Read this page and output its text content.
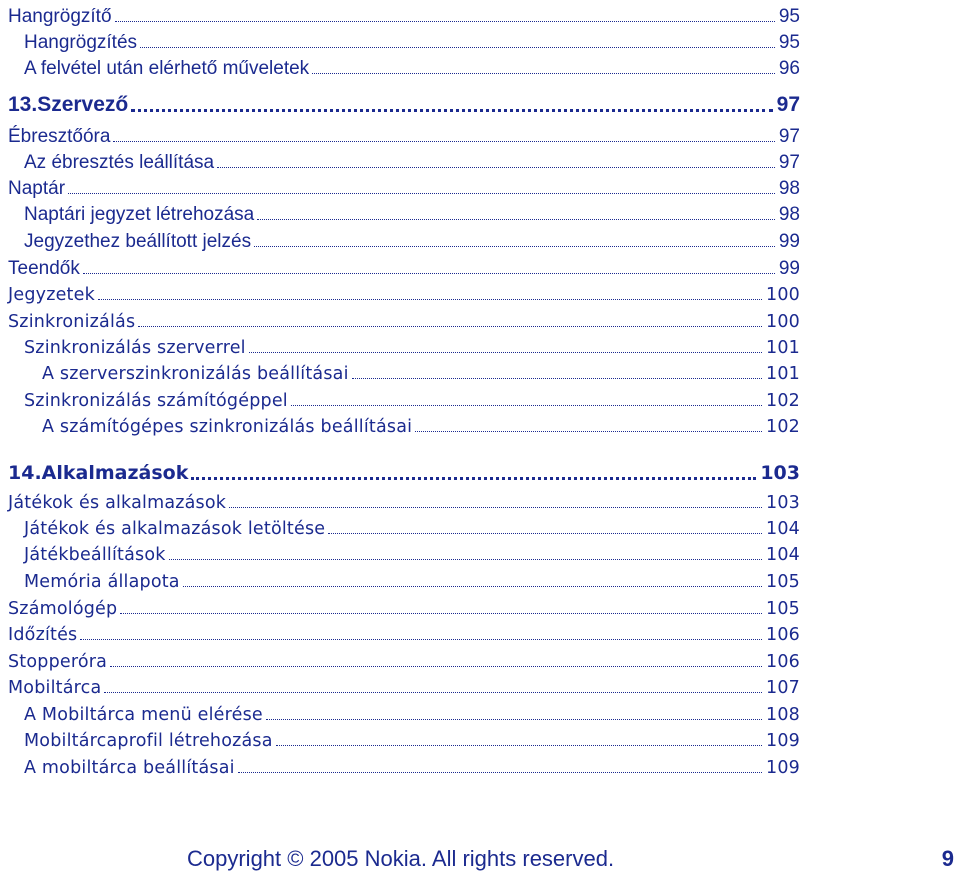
Hangrögzítő	95
Hangrögzítés	95
A felvétel után elérhető műveletek	96
13.Szervező	97
Ébresztőóra	97
Az ébresztés leállítása	97
Naptár	98
Naptári jegyzet létrehozása	98
Jegyzethez beállított jelzés	99
Teendők	99
Jegyzetek	100
Szinkronizálás	100
Szinkronizálás szerverrel	101
A szerverszinkronizálás beállításai	101
Szinkronizálás számítógéppel	102
A számítógépes szinkronizálás beállításai	102
14.Alkalmazások	103
Játékok és alkalmazások	103
Játékok és alkalmazások letöltése	104
Játékbeállítások	104
Memória állapota	105
Számológép	105
Időzítés	106
Stopperóra	106
Mobiltárca	107
A Mobiltárca menü elérése	108
Mobiltárcaprofil létrehozása	109
A mobiltárca beállításai	109
Copyright © 2005 Nokia. All rights reserved.	9
